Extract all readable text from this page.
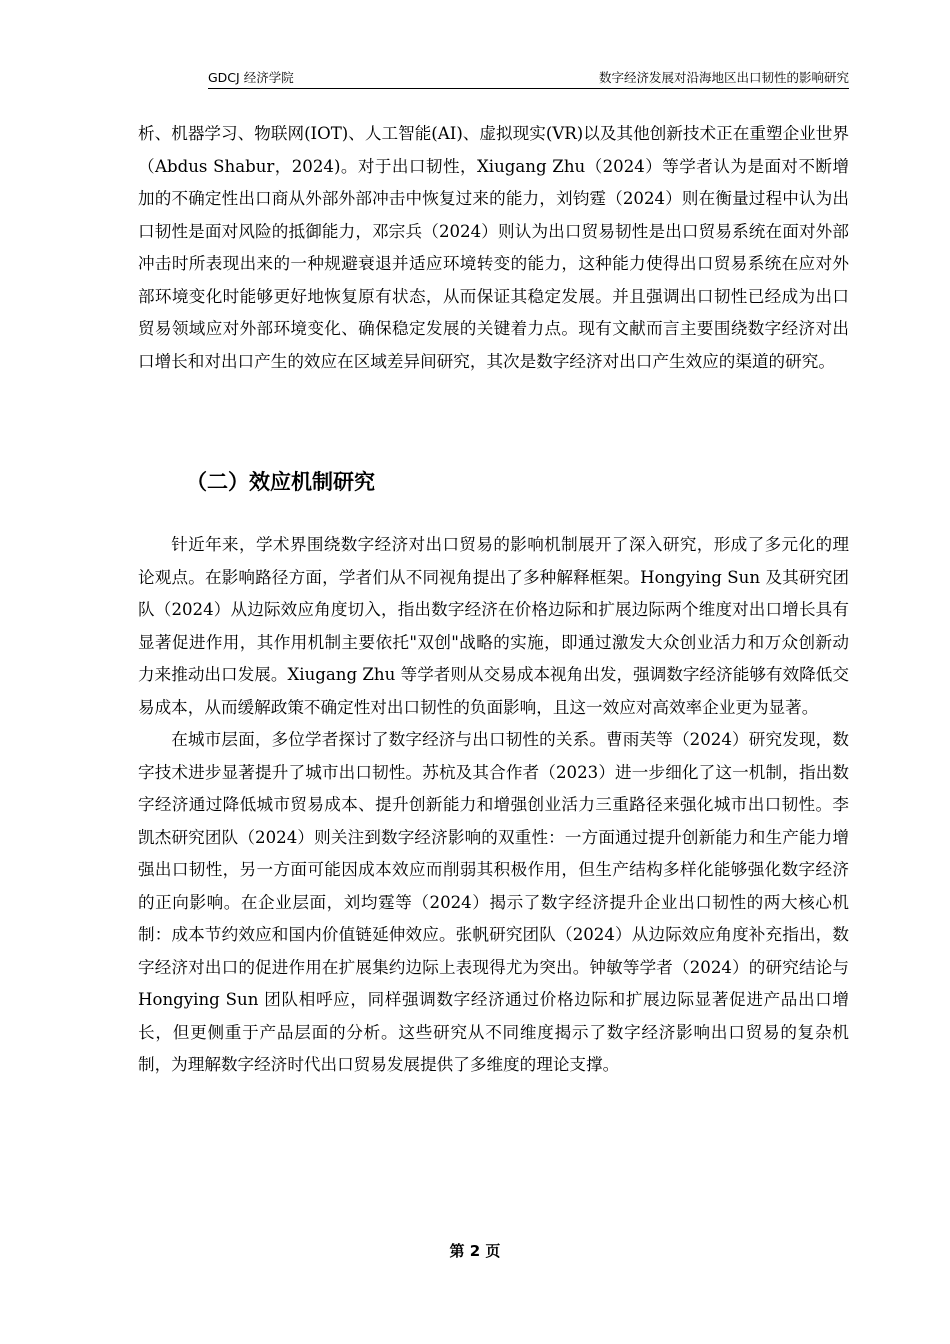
GDCJ 经济学院	数字经济发展对沿海地区出口韧性的影响研究

析、机器学习、物联网(IOT)、人工智能(AI)、虚拟现实(VR)以及其他创新技术正在重塑企业世界（Abdus Shabur，2024)。对于出口韧性，Xiugang Zhu（2024）等学者认为是面对不断增加的不确定性出口商从外部外部冲击中恢复过来的能力，刘钧霆（2024）则在衡量过程中认为出口韧性是面对风险的抵御能力，邓宗兵（2024）则认为出口贸易韧性是出口贸易系统在面对外部冲击时所表现出来的一种规避衰退并适应环境转变的能力，这种能力使得出口贸易系统在应对外部环境变化时能够更好地恢复原有状态，从而保证其稳定发展。并且强调出口韧性已经成为出口贸易领域应对外部环境变化、确保稳定发展的关键着力点。现有文献而言主要围绕数字经济对出口增长和对出口产生的效应在区域差异间研究，其次是数字经济对出口产生效应的渠道的研究。

（二）效应机制研究

针近年来，学术界围绕数字经济对出口贸易的影响机制展开了深入研究，形成了多元化的理论观点。在影响路径方面，学者们从不同视角提出了多种解释框架。Hongying Sun 及其研究团队（2024）从边际效应角度切入，指出数字经济在价格边际和扩展边际两个维度对出口增长具有显著促进作用，其作用机制主要依托"双创"战略的实施，即通过激发大众创业活力和万众创新动力来推动出口发展。Xiugang Zhu 等学者则从交易成本视角出发，强调数字经济能够有效降低交易成本，从而缓解政策不确定性对出口韧性的负面影响，且这一效应对高效率企业更为显著。

在城市层面，多位学者探讨了数字经济与出口韧性的关系。曹雨芙等（2024）研究发现，数字技术进步显著提升了城市出口韧性。苏杭及其合作者（2023）进一步细化了这一机制，指出数字经济通过降低城市贸易成本、提升创新能力和增强创业活力三重路径来强化城市出口韧性。李凯杰研究团队（2024）则关注到数字经济影响的双重性：一方面通过提升创新能力和生产能力增强出口韧性，另一方面可能因成本效应而削弱其积极作用，但生产结构多样化能够强化数字经济的正向影响。在企业层面，刘均霆等（2024）揭示了数字经济提升企业出口韧性的两大核心机制：成本节约效应和国内价值链延伸效应。张帆研究团队（2024）从边际效应角度补充指出，数字经济对出口的促进作用在扩展集约边际上表现得尤为突出。钟敏等学者（2024）的研究结论与 Hongying Sun 团队相呼应，同样强调数字经济通过价格边际和扩展边际显著促进产品出口增长，但更侧重于产品层面的分析。这些研究从不同维度揭示了数字经济影响出口贸易的复杂机制，为理解数字经济时代出口贸易发展提供了多维度的理论支撑。

第 2 页
